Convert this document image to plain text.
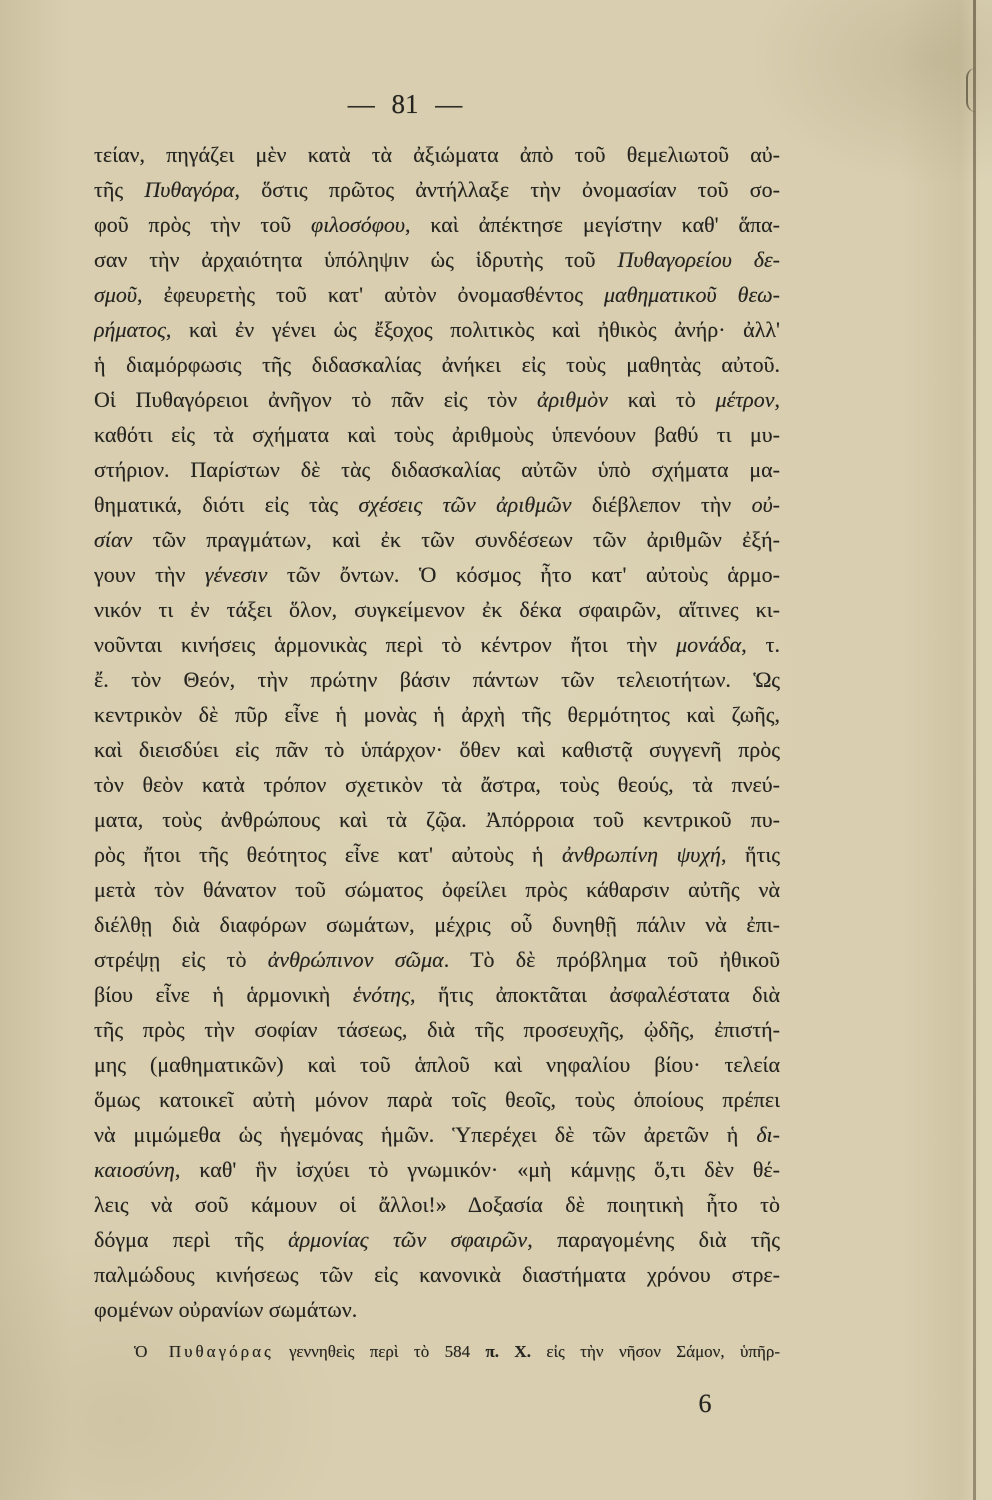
— 81 —
τείαν, πηγάζει μὲν κατὰ τὰ ἀξιώματα ἀπὸ τοῦ θεμελιωτοῦ αὐ-
τῆς Πυθαγόρα, ὅστις πρῶτος ἀντήλλαξε τὴν ὀνομασίαν τοῦ σο-
φοῦ πρὸς τὴν τοῦ φιλοσόφου, καὶ ἀπέκτησε μεγίστην καθ' ἅπα-
σαν τὴν ἀρχαιότητα ὑπόληψιν ὡς ἱδρυτὴς τοῦ Πυθαγορείου δε-
σμοῦ, ἐφευρετὴς τοῦ κατ' αὐτὸν ὀνομασθέντος μαθηματικοῦ θεω-
ρήματος, καὶ ἐν γένει ὡς ἔξοχος πολιτικὸς καὶ ἠθικὸς ἀνήρ· ἀλλ'
ἡ διαμόρφωσις τῆς διδασκαλίας ἀνήκει εἰς τοὺς μαθητὰς αὐτοῦ.
Οἱ Πυθαγόρειοι ἀνῆγον τὸ πᾶν εἰς τὸν ἀριθμὸν καὶ τὸ μέτρον,
καθότι εἰς τὰ σχήματα καὶ τοὺς ἀριθμοὺς ὑπενόουν βαθύ τι μυ-
στήριον. Παρίστων δὲ τὰς διδασκαλίας αὐτῶν ὑπὸ σχήματα μα-
θηματικά, διότι εἰς τὰς σχέσεις τῶν ἀριθμῶν διέβλεπον τὴν οὐ-
σίαν τῶν πραγμάτων, καὶ ἐκ τῶν συνδέσεων τῶν ἀριθμῶν ἐξή-
γουν τὴν γένεσιν τῶν ὄντων. Ὁ κόσμος ἦτο κατ' αὐτοὺς ἁρμο-
νικόν τι ἐν τάξει ὅλον, συγκείμενον ἐκ δέκα σφαιρῶν, αἵτινες κι-
νοῦνται κινήσεις ἁρμονικὰς περὶ τὸ κέντρον ἤτοι τὴν μονάδα, τ.
ἔ. τὸν Θεόν, τὴν πρώτην βάσιν πάντων τῶν τελειοτήτων. Ὡς
κεντρικὸν δὲ πῦρ εἶνε ἡ μονὰς ἡ ἀρχὴ τῆς θερμότητος καὶ ζωῆς,
καὶ διεισδύει εἰς πᾶν τὸ ὑπάρχον· ὅθεν καὶ καθιστᾷ συγγενῆ πρὸς
τὸν θεὸν κατὰ τρόπον σχετικὸν τὰ ἄστρα, τοὺς θεούς, τὰ πνεύ-
ματα, τοὺς ἀνθρώπους καὶ τὰ ζῷα. Ἀπόρροια τοῦ κεντρικοῦ πυ-
ρὸς ἤτοι τῆς θεότητος εἶνε κατ' αὐτοὺς ἡ ἀνθρωπίνη ψυχή, ἥτις
μετὰ τὸν θάνατον τοῦ σώματος ὀφείλει πρὸς κάθαρσιν αὐτῆς νὰ
διέλθῃ διὰ διαφόρων σωμάτων, μέχρις οὗ δυνηθῇ πάλιν νὰ ἐπι-
στρέψῃ εἰς τὸ ἀνθρώπινον σῶμα. Τὸ δὲ πρόβλημα τοῦ ἠθικοῦ
βίου εἶνε ἡ ἁρμονικὴ ἑνότης, ἥτις ἀποκτᾶται ἀσφαλέστατα διὰ
τῆς πρὸς τὴν σοφίαν τάσεως, διὰ τῆς προσευχῆς, ᾠδῆς, ἐπιστή-
μης (μαθηματικῶν) καὶ τοῦ ἁπλοῦ καὶ νηφαλίου βίου· τελεία
ὅμως κατοικεῖ αὐτὴ μόνον παρὰ τοῖς θεοῖς, τοὺς ὁποίους πρέπει
νὰ μιμώμεθα ὡς ἡγεμόνας ἡμῶν. Ὑπερέχει δὲ τῶν ἀρετῶν ἡ δι-
καιοσύνη, καθ' ἣν ἰσχύει τὸ γνωμικόν· «μὴ κάμνῃς ὅ,τι δὲν θέ-
λεις νὰ σοῦ κάμουν οἱ ἄλλοι!» Δοξασία δὲ ποιητικὴ ἦτο τὸ
δόγμα περὶ τῆς ἁρμονίας τῶν σφαιρῶν, παραγομένης διὰ τῆς
παλμώδους κινήσεως τῶν εἰς κανονικὰ διαστήματα χρόνου στρε-
φομένων οὐρανίων σωμάτων.
Ὁ Πυθαγόρας γεννηθεὶς περὶ τὸ 584 π. Χ. εἰς τὴν νῆσον Σάμον, ὑπῆρ-
6
